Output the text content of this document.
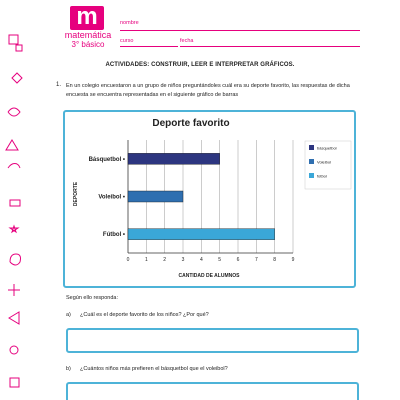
m
matemática
3° básico
nombre
curso	fecha
ACTIVIDADES: CONSTRUIR, LEER E INTERPRETAR GRÁFICOS.
1. En un colegio encuestaron a un grupo de niños preguntándoles cuál era su deporte favorito, las respuestas de dicha encuesta se encuentra representadas en el siguiente gráfico de barras
Deporte favorito
DEPORTE
CANTIDAD DE ALUMNOS
Básquetbol •
Voleibol •
Fútbol •
0	1	2	3	4	5	6	7	8	9
básquetbol
Voleibol
fútbol
Según ello responda:
a) ¿Cuál es el deporte favorito de los niños? ¿Por qué?
b) ¿Cuántos niños más prefieren el básquetbol que el voleibol?
